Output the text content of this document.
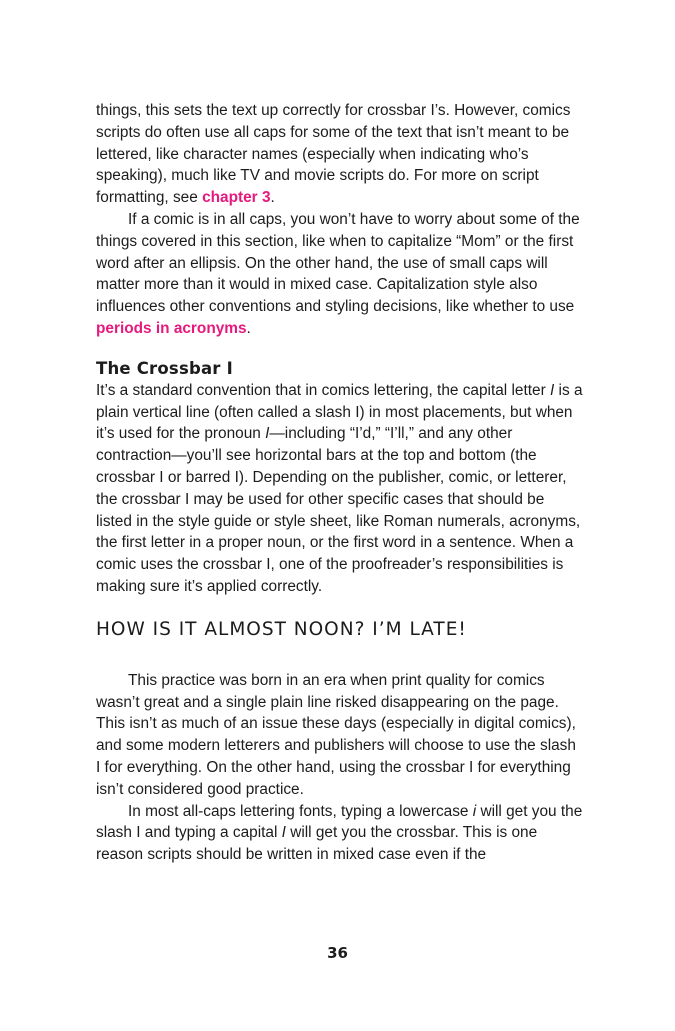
things, this sets the text up correctly for crossbar I’s. However, comics scripts do often use all caps for some of the text that isn’t meant to be lettered, like character names (especially when indicating who’s speaking), much like TV and movie scripts do. For more on script formatting, see chapter 3.

If a comic is in all caps, you won’t have to worry about some of the things covered in this section, like when to capitalize “Mom” or the first word after an ellipsis. On the other hand, the use of small caps will matter more than it would in mixed case. Capitalization style also influences other conventions and styling decisions, like whether to use periods in acronyms.

The Crossbar I

It’s a standard convention that in comics lettering, the capital letter I is a plain vertical line (often called a slash I) in most placements, but when it’s used for the pronoun I—including “I’d,” “I’ll,” and any other contraction—you’ll see horizontal bars at the top and bottom (the crossbar I or barred I). Depending on the publisher, comic, or letterer, the crossbar I may be used for other specific cases that should be listed in the style guide or style sheet, like Roman numerals, acronyms, the first letter in a proper noun, or the first word in a sentence. When a comic uses the crossbar I, one of the proofreader’s responsibilities is making sure it’s applied correctly.

HOW IS IT ALMOST NOON? I’M LATE!

This practice was born in an era when print quality for comics wasn’t great and a single plain line risked disappearing on the page. This isn’t as much of an issue these days (especially in digital comics), and some modern letterers and publishers will choose to use the slash I for everything. On the other hand, using the crossbar I for everything isn’t considered good practice.

In most all-caps lettering fonts, typing a lowercase i will get you the slash I and typing a capital I will get you the crossbar. This is one reason scripts should be written in mixed case even if the

36
